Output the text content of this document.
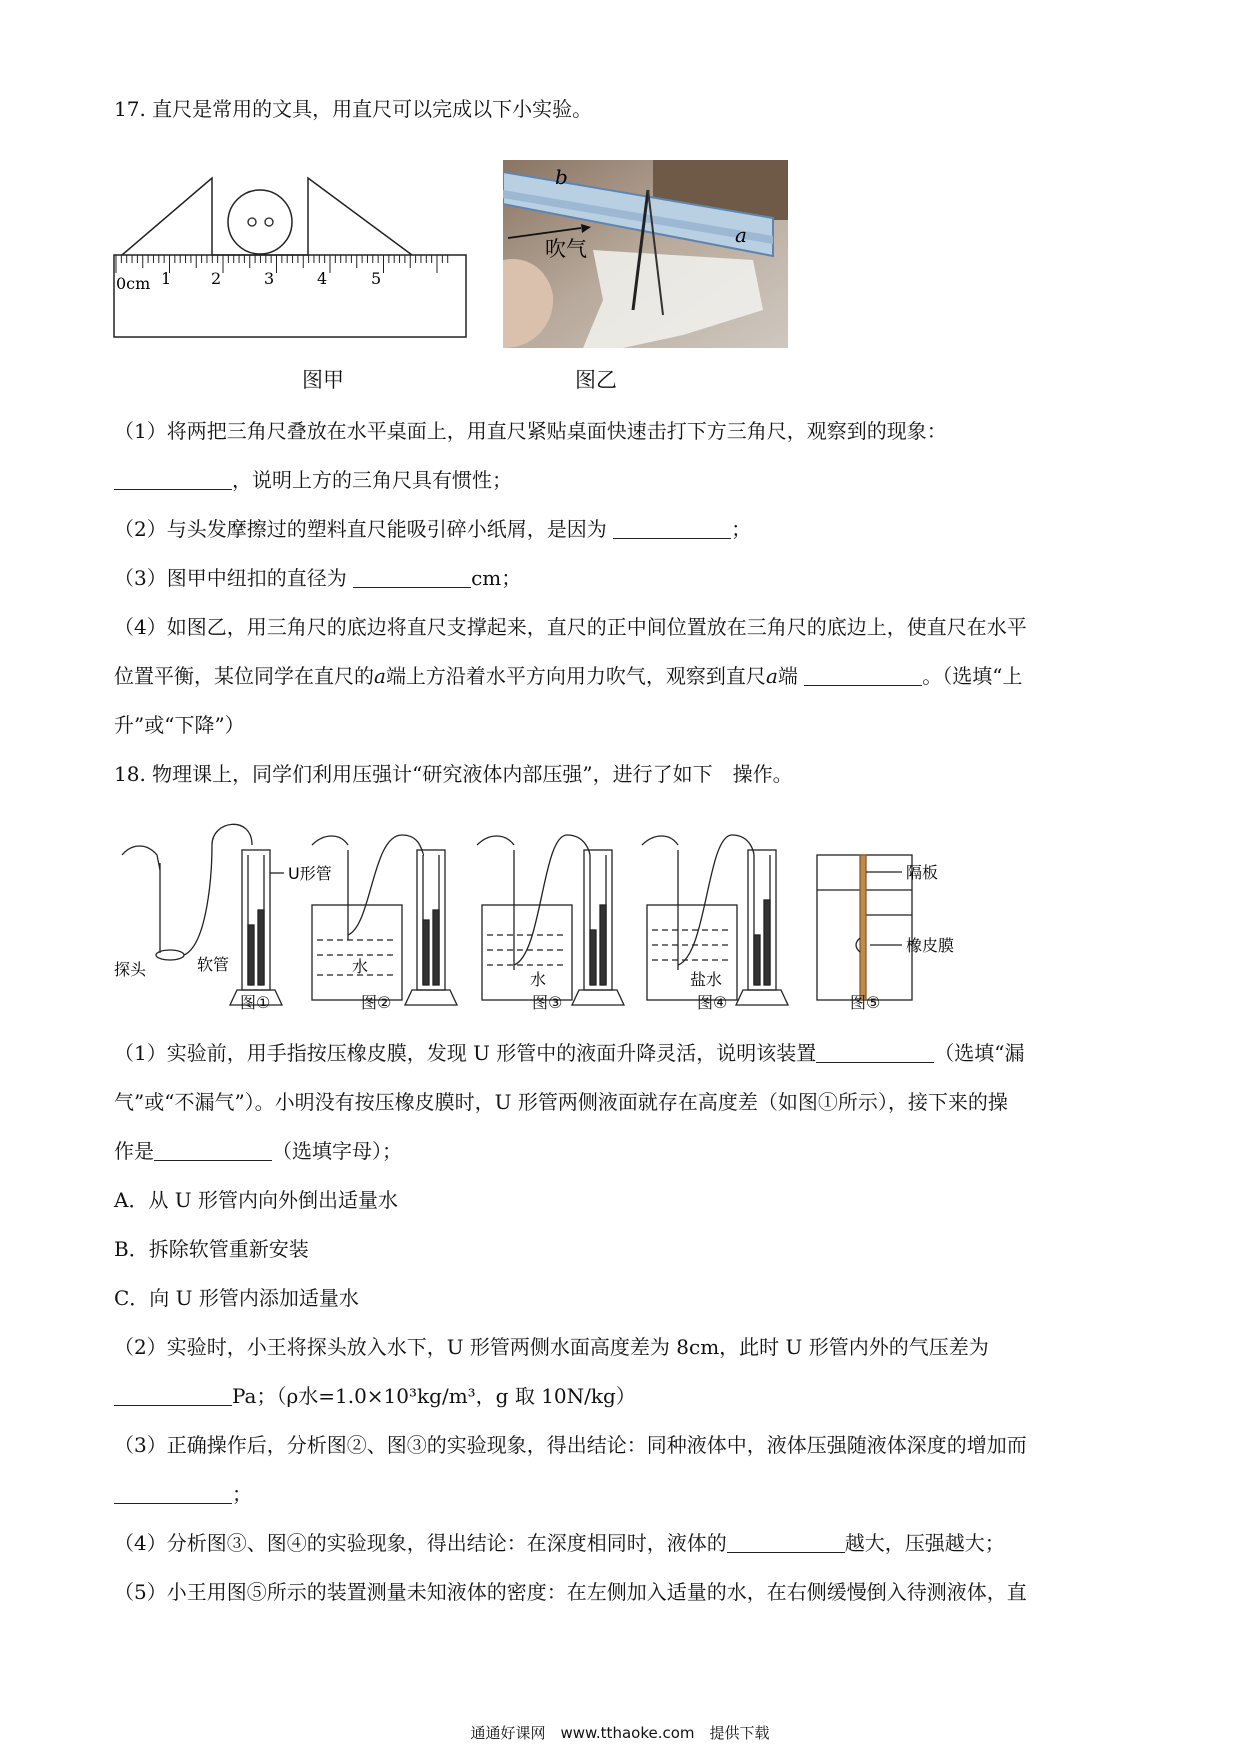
17. 直尺是常用的文具，用直尺可以完成以下小实验。
0cm 1 2	3	4	5
图甲
b
a
吹气
图乙
（1）将两把三角尺叠放在水平桌面上，用直尺紧贴桌面快速击打下方三角尺，观察到的现象：
，说明上方的三角尺具有惯性；
（2）与头发摩擦过的塑料直尺能吸引碎小纸屑，是因为	；
（3）图甲中纽扣的直径为	cm；
（4）如图乙，用三角尺的底边将直尺支撑起来，直尺的正中间位置放在三角尺的底边上，使直尺在水平
位置平衡，某位同学在直尺的a端上方沿着水平方向用力吹气，观察到直尺a端	。（选填“上
升”或“下降”）
18. 物理课上，同学们利用压强计“研究液体内部压强”，进行了如下　操作。
U形管
探头	软管	水
水	盐水
隔板
橡皮膜
图①	图②	图③	图④	图⑤
（1）实验前，用手指按压橡皮膜，发现 U 形管中的液面升降灵活，说明该装置	（选填“漏
气”或“不漏气”）。小明没有按压橡皮膜时，U 形管两侧液面就存在高度差（如图①所示），接下来的操
作是	（选填字母）；
A．从 U 形管内向外倒出适量水
B．拆除软管重新安装
C．向 U 形管内添加适量水
（2）实验时，小王将探头放入水下，U 形管两侧水面高度差为 8cm，此时 U 形管内外的气压差为
Pa；（ρ水=1.0×10³kg/m³，g 取 10N/kg）
（3）正确操作后，分析图②、图③的实验现象，得出结论：同种液体中，液体压强随液体深度的增加而
；
（4）分析图③、图④的实验现象，得出结论：在深度相同时，液体的	越大，压强越大；
（5）小王用图⑤所示的装置测量未知液体的密度：在左侧加入适量的水，在右侧缓慢倒入待测液体，直
通通好课网　www.tthaoke.com　提供下载
